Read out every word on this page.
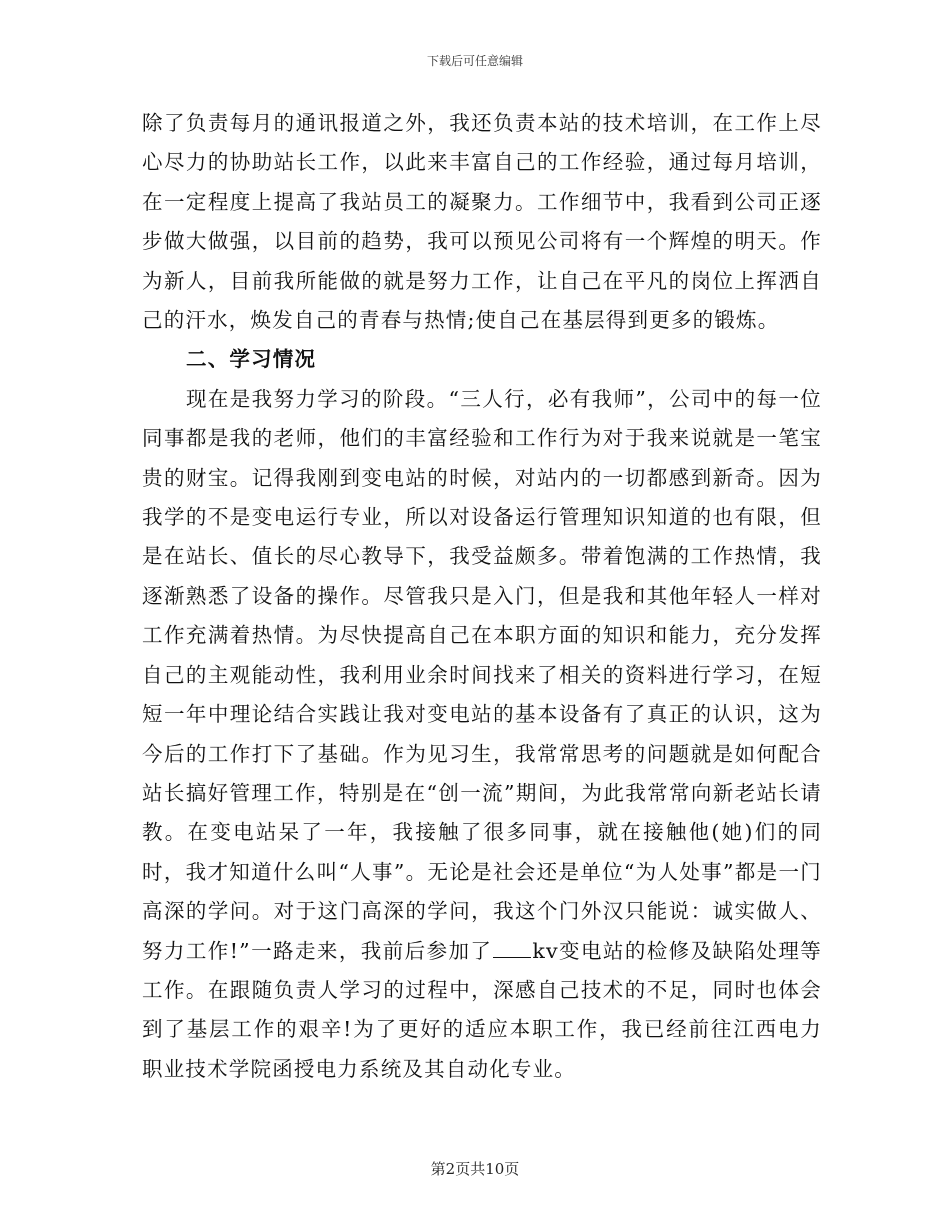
下载后可任意编辑

除了负责每月的通讯报道之外，我还负责本站的技术培训，在工作上尽心尽力的协助站长工作，以此来丰富自己的工作经验，通过每月培训，在一定程度上提高了我站员工的凝聚力。工作细节中，我看到公司正逐步做大做强，以目前的趋势，我可以预见公司将有一个辉煌的明天。作为新人，目前我所能做的就是努力工作，让自己在平凡的岗位上挥洒自己的汗水，焕发自己的青春与热情;使自己在基层得到更多的锻炼。

二、学习情况

现在是我努力学习的阶段。“三人行，必有我师”，公司中的每一位同事都是我的老师，他们的丰富经验和工作行为对于我来说就是一笔宝贵的财宝。记得我刚到变电站的时候，对站内的一切都感到新奇。因为我学的不是变电运行专业，所以对设备运行管理知识知道的也有限，但是在站长、值长的尽心教导下，我受益颇多。带着饱满的工作热情，我逐渐熟悉了设备的操作。尽管我只是入门，但是我和其他年轻人一样对工作充满着热情。为尽快提高自己在本职方面的知识和能力，充分发挥自己的主观能动性，我利用业余时间找来了相关的资料进行学习，在短短一年中理论结合实践让我对变电站的基本设备有了真正的认识，这为今后的工作打下了基础。作为见习生，我常常思考的问题就是如何配合站长搞好管理工作，特别是在“创一流”期间，为此我常常向新老站长请教。在变电站呆了一年，我接触了很多同事，就在接触他(她)们的同时，我才知道什么叫“人事”。无论是社会还是单位“为人处事”都是一门高深的学问。对于这门高深的学问，我这个门外汉只能说：诚实做人、努力工作!”一路走来，我前后参加了 kv变电站的检修及缺陷处理等工作。在跟随负责人学习的过程中，深感自己技术的不足，同时也体会到了基层工作的艰辛!为了更好的适应本职工作，我已经前往江西电力职业技术学院函授电力系统及其自动化专业。

第2页共10页
